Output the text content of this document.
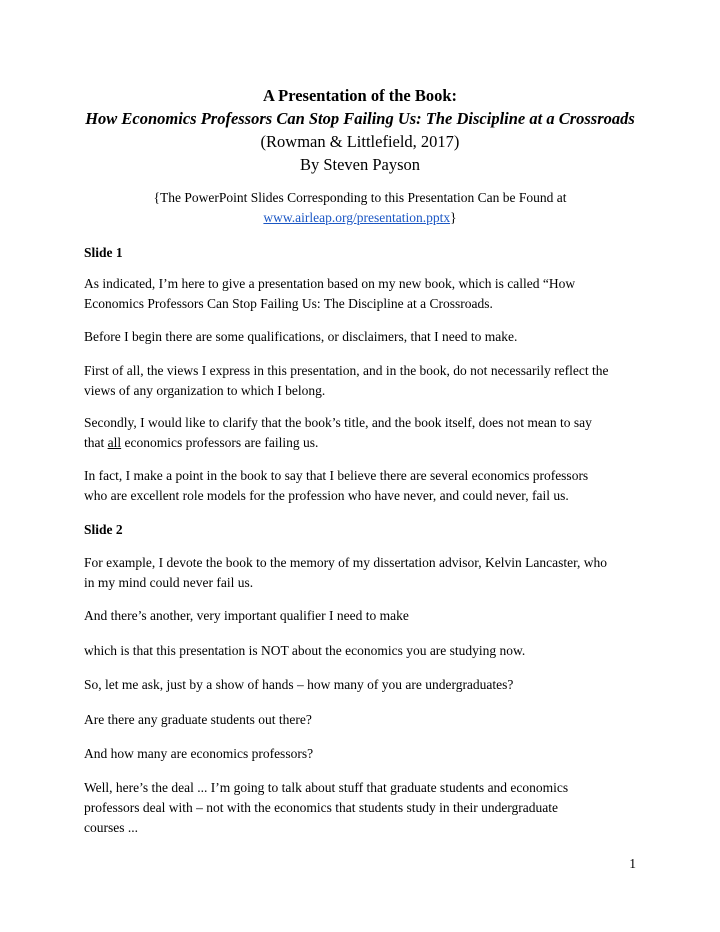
A Presentation of the Book:
How Economics Professors Can Stop Failing Us: The Discipline at a Crossroads
(Rowman & Littlefield, 2017)
By Steven Payson
{The PowerPoint Slides Corresponding to this Presentation Can be Found at
www.airleap.org/presentation.pptx}
Slide 1
As indicated, I’m here to give a presentation based on my new book, which is called “How
Economics Professors Can Stop Failing Us: The Discipline at a Crossroads.
Before I begin there are some qualifications, or disclaimers, that I need to make.
First of all, the views I express in this presentation, and in the book, do not necessarily reflect the
views of any organization to which I belong.
Secondly, I would like to clarify that the book’s title, and the book itself, does not mean to say
that all economics professors are failing us.
In fact, I make a point in the book to say that I believe there are several economics professors
who are excellent role models for the profession who have never, and could never, fail us.
Slide 2
For example, I devote the book to the memory of my dissertation advisor, Kelvin Lancaster, who
in my mind could never fail us.
And there’s another, very important qualifier I need to make
which is that this presentation is NOT about the economics you are studying now.
So, let me ask, just by a show of hands – how many of you are undergraduates?
Are there any graduate students out there?
And how many are economics professors?
Well, here’s the deal ... I’m going to talk about stuff that graduate students and economics
professors deal with – not with the economics that students study in their undergraduate
courses ...
1
